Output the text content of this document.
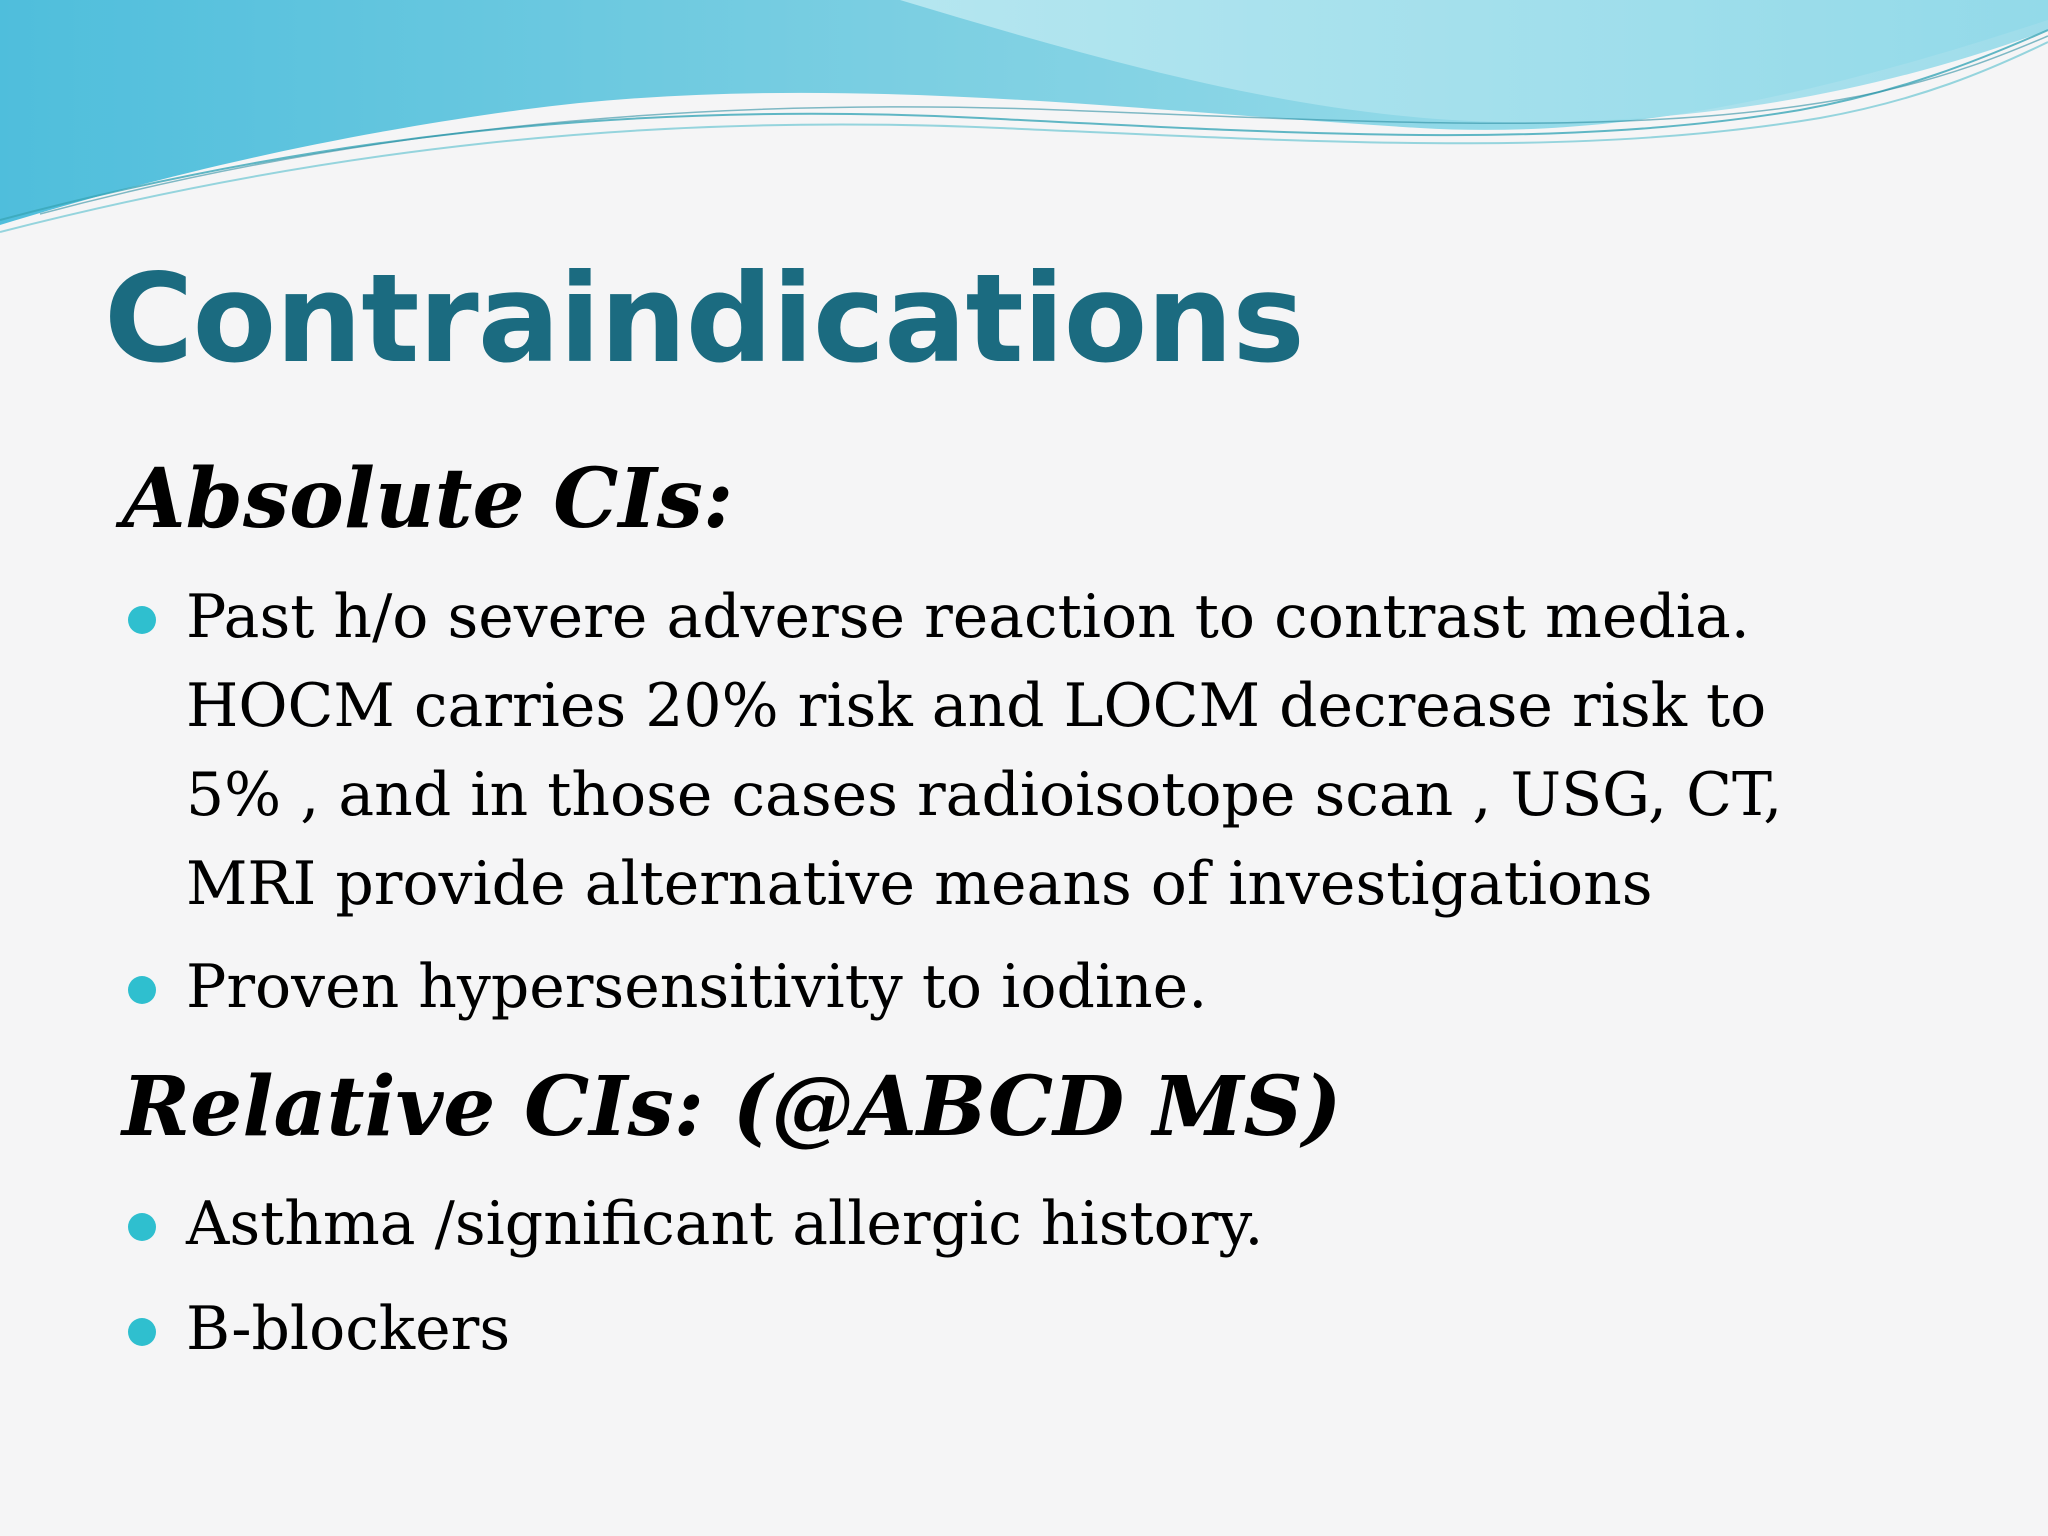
Contraindications
Absolute CIs:
Past h/o severe adverse reaction to contrast media. HOCM carries 20% risk and LOCM decrease risk to 5% , and in those cases radioisotope scan , USG, CT, MRI provide alternative means of investigations
Proven hypersensitivity to iodine.
Relative CIs: (@ABCD MS)
Asthma /significant allergic history.
B-blockers
